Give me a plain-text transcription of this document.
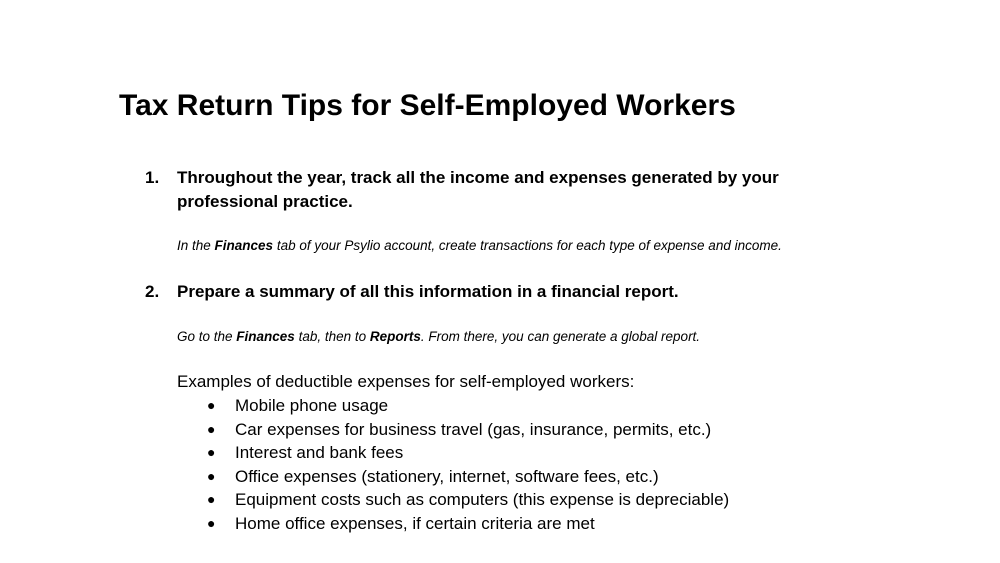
Tax Return Tips for Self-Employed Workers
1. Throughout the year, track all the income and expenses generated by your professional practice.
In the Finances tab of your Psylio account, create transactions for each type of expense and income.
2. Prepare a summary of all this information in a financial report.
Go to the Finances tab, then to Reports. From there, you can generate a global report.
Examples of deductible expenses for self-employed workers:
● Mobile phone usage
● Car expenses for business travel (gas, insurance, permits, etc.)
● Interest and bank fees
● Office expenses (stationery, internet, software fees, etc.)
● Equipment costs such as computers (this expense is depreciable)
● Home office expenses, if certain criteria are met
